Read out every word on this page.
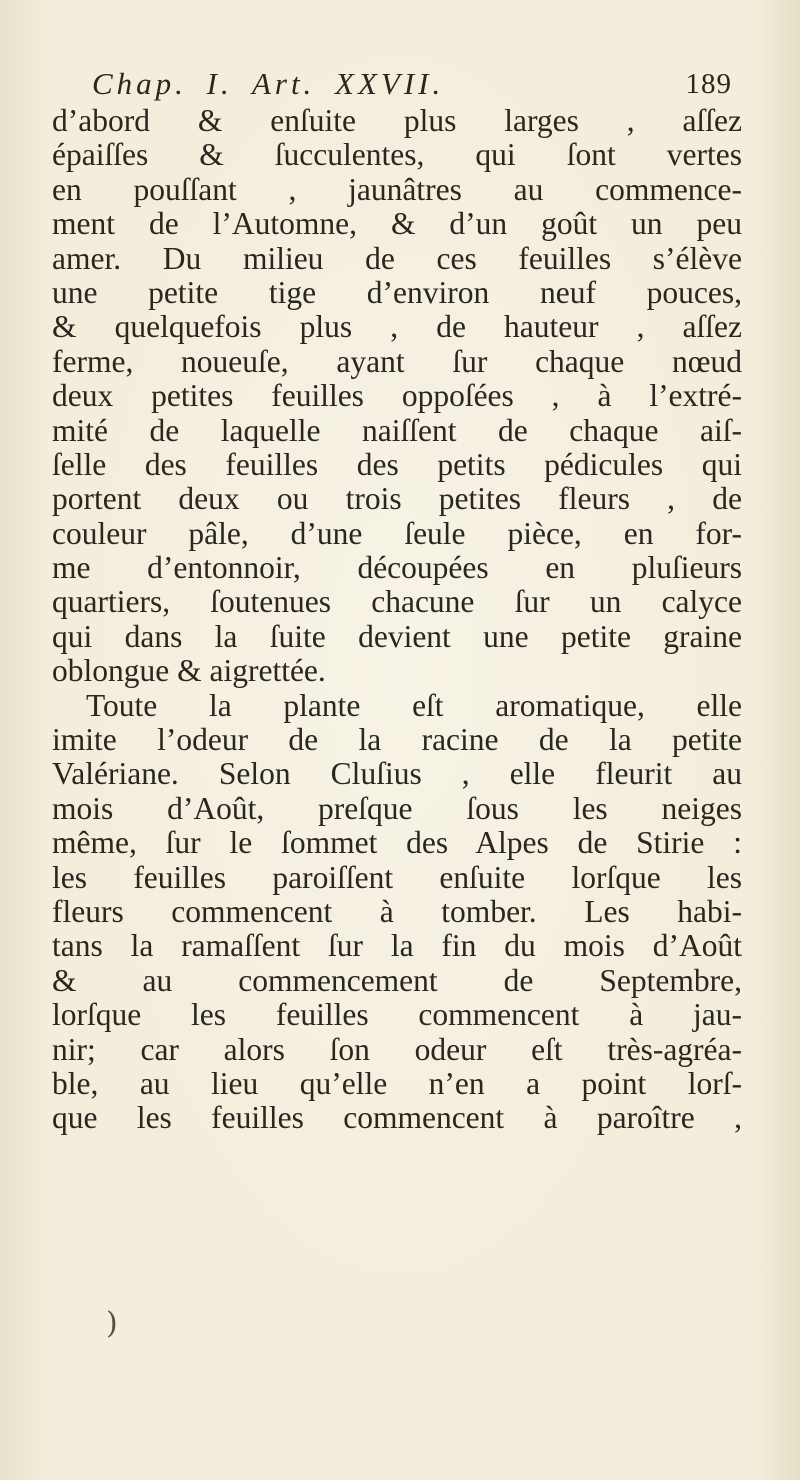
Chap. I. Art. XXVII.	189
d’abord & enſuite plus larges , aſſez
épaiſſes & ſucculentes, qui ſont vertes
en pouſſant , jaunâtres au commence-
ment de l’Automne, & d’un goût un peu
amer. Du milieu de ces feuilles s’élève
une petite tige d’environ neuf pouces,
& quelquefois plus , de hauteur , aſſez
ferme, noueuſe, ayant ſur chaque nœud
deux petites feuilles oppoſées , à l’extré-
mité de laquelle naiſſent de chaque aiſ-
ſelle des feuilles des petits pédicules qui
portent deux ou trois petites fleurs , de
couleur pâle, d’une ſeule pièce, en for-
me d’entonnoir, découpées en pluſieurs
quartiers, ſoutenues chacune ſur un calyce
qui dans la ſuite devient une petite graine
oblongue & aigrettée.
Toute la plante eſt aromatique, elle
imite l’odeur de la racine de la petite
Valériane. Selon Cluſius , elle fleurit au
mois d’Août, preſque ſous les neiges
même, ſur le ſommet des Alpes de Stirie :
les feuilles paroiſſent enſuite lorſque les
fleurs commencent à tomber. Les habi-
tans la ramaſſent ſur la fin du mois d’Août
& au commencement de Septembre,
lorſque les feuilles commencent à jau-
nir; car alors ſon odeur eſt très-agréa-
ble, au lieu qu’elle n’en a point lorſ-
que les feuilles commencent à paroître ,
)
